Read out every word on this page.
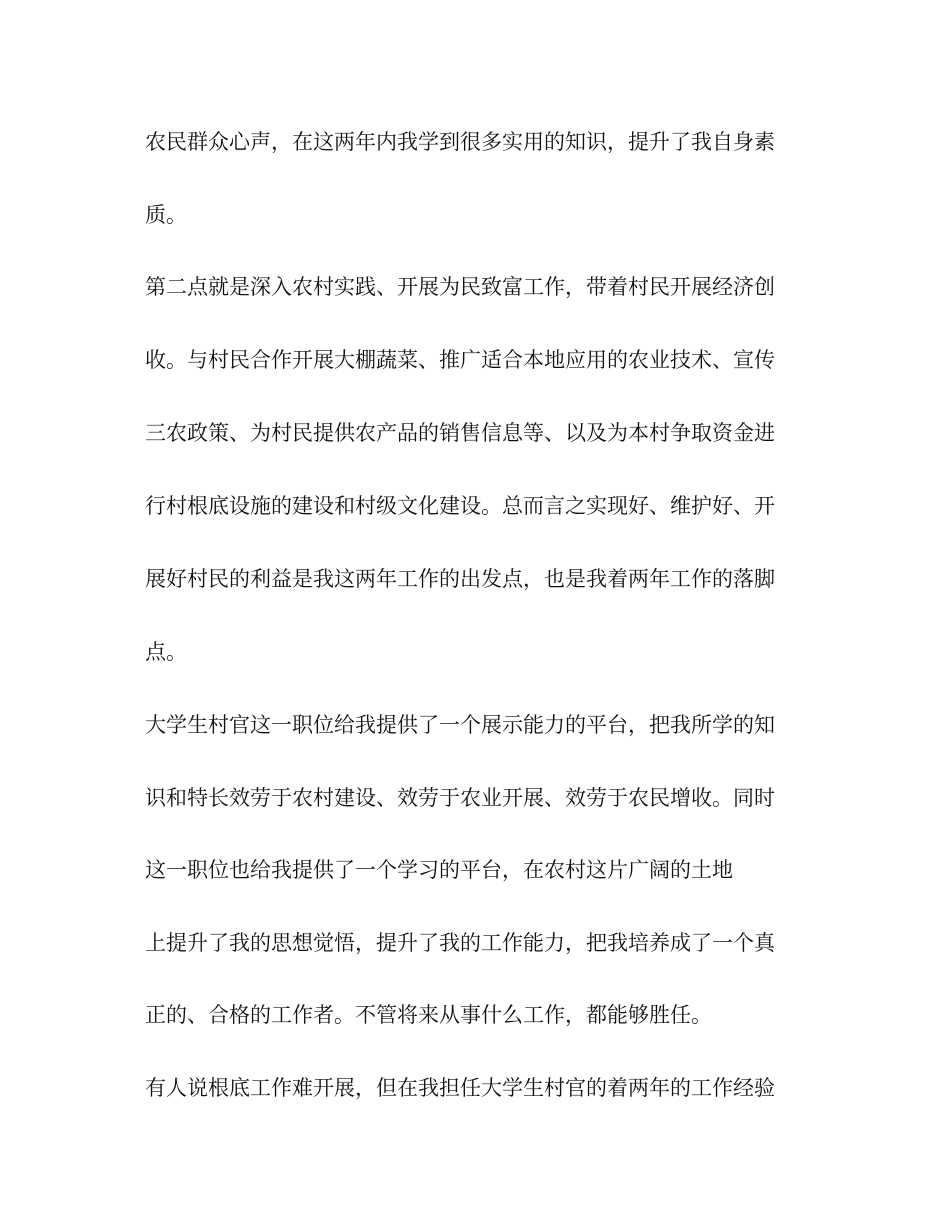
农民群众心声，在这两年内我学到很多实用的知识，提升了我自身素

质。

第二点就是深入农村实践、开展为民致富工作，带着村民开展经济创

收。与村民合作开展大棚蔬菜、推广适合本地应用的农业技术、宣传

三农政策、为村民提供农产品的销售信息等、以及为本村争取资金进

行村根底设施的建设和村级文化建设。总而言之实现好、维护好、开

展好村民的利益是我这两年工作的出发点，也是我着两年工作的落脚

点。

大学生村官这一职位给我提供了一个展示能力的平台，把我所学的知

识和特长效劳于农村建设、效劳于农业开展、效劳于农民增收。同时

这一职位也给我提供了一个学习的平台，在农村这片广阔的土地

上提升了我的思想觉悟，提升了我的工作能力，把我培养成了一个真

正的、合格的工作者。不管将来从事什么工作，都能够胜任。

有人说根底工作难开展，但在我担任大学生村官的着两年的工作经验
